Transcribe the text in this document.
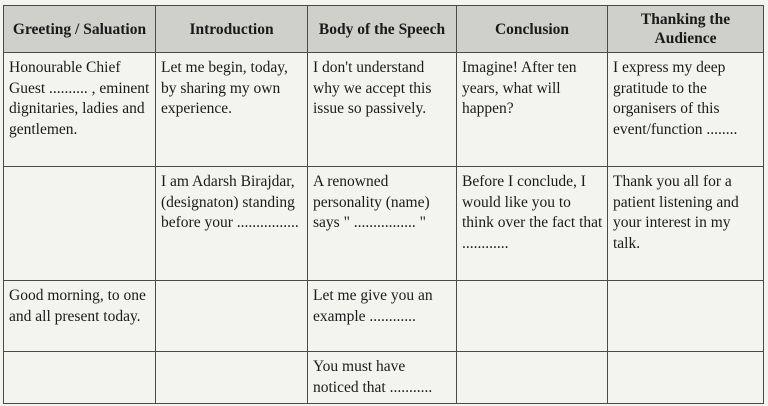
Greeting / Saluation	Introduction	Body of the Speech	Conclusion	Thanking the Audience
Honourable Chief Guest .......... , eminent dignitaries, ladies and gentlemen.	Let me begin, today, by sharing my own experience.	I don't understand why we accept this issue so passively.	Imagine! After ten years, what will happen?	I express my deep gratitude to the organisers of this event/function ........
	I am Adarsh Birajdar, (designaton) standing before your ................	A renowned personality (name) says " ................ "	Before I conclude, I would like you to think over the fact that ............	Thank you all for a patient listening and your interest in my talk.
Good morning, to one and all present today.		Let me give you an example ............		
		You must have noticed that ...........		
